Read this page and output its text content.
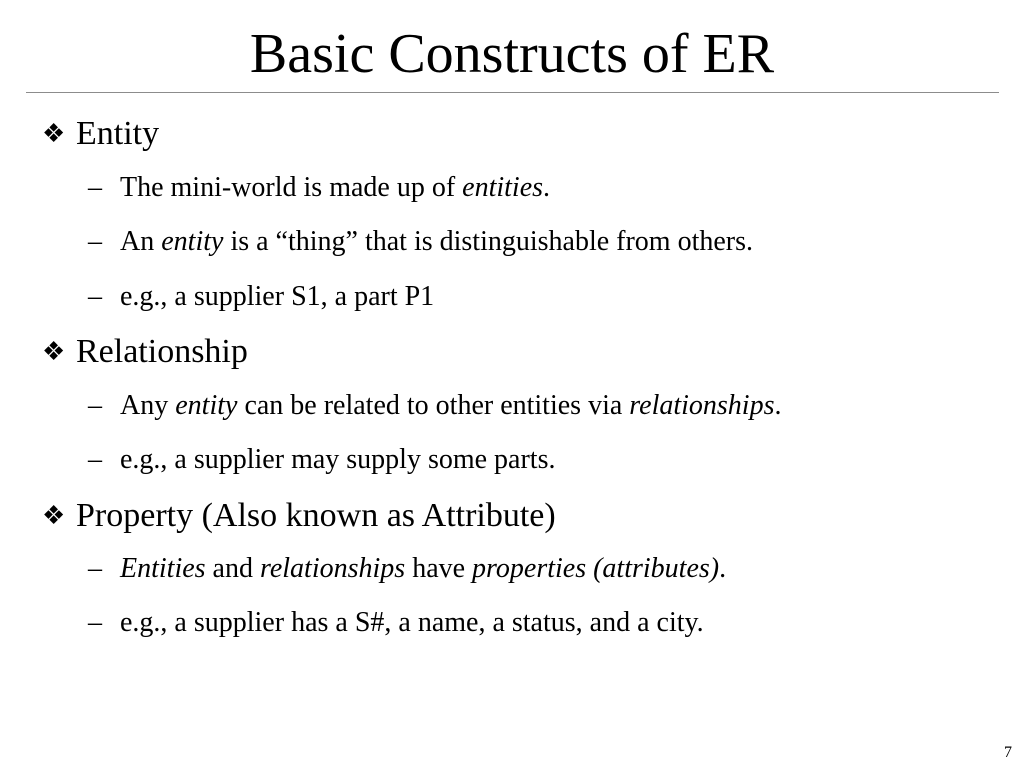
Basic Constructs of ER
❖ Entity
– The mini-world is made up of entities.
– An entity is a “thing” that is distinguishable from others.
– e.g., a supplier S1, a part P1
❖ Relationship
– Any entity can be related to other entities via relationships.
– e.g., a supplier may supply some parts.
❖ Property (Also known as Attribute)
– Entities and relationships have properties (attributes).
– e.g., a supplier has a S#, a name, a status, and a city.
7
